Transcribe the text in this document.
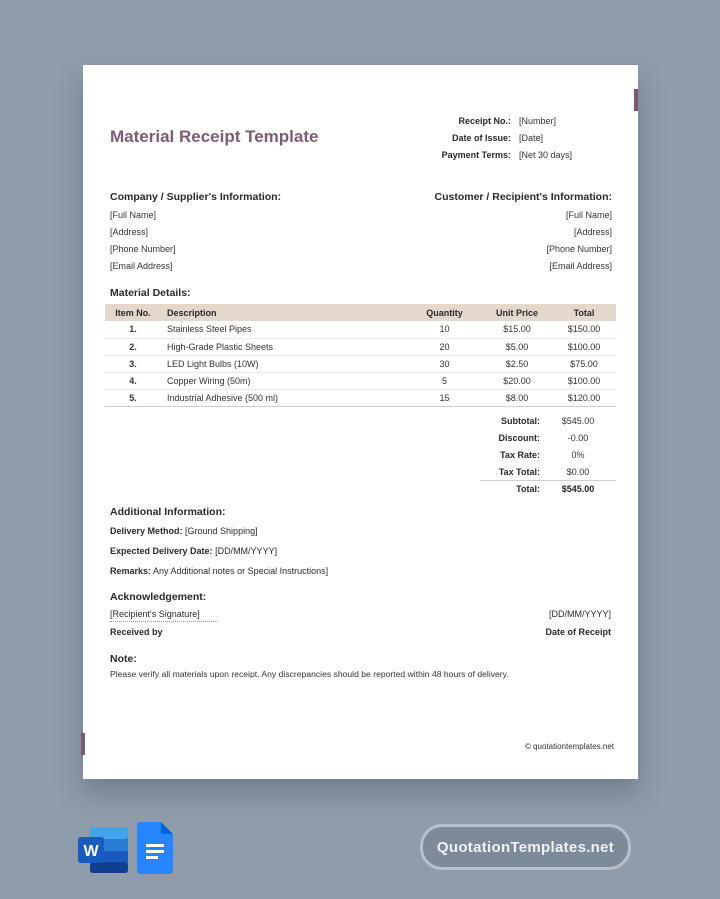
Material Receipt Template
Receipt No.: [Number]
Date of Issue: [Date]
Payment Terms: [Net 30 days]
Company / Supplier's Information:
[Full Name]
[Address]
[Phone Number]
[Email Address]
Customer / Recipient's Information:
[Full Name]
[Address]
[Phone Number]
[Email Address]
Material Details:
Item No.	Description	Quantity	Unit Price	Total
1.	Stainless Steel Pipes	10	$15.00	$150.00
2.	High-Grade Plastic Sheets	20	$5.00	$100.00
3.	LED Light Bulbs (10W)	30	$2.50	$75.00
4.	Copper Wiring (50m)	5	$20.00	$100.00
5.	Industrial Adhesive (500 ml)	15	$8.00	$120.00
Subtotal:	$545.00
Discount:	-0.00
Tax Rate:	0%
Tax Total:	$0.00
Total:	$545.00
Additional Information:
Delivery Method: [Ground Shipping]
Expected Delivery Date: [DD/MM/YYYY]
Remarks: Any Additional notes or Special Instructions]
Acknowledgement:
[Recipient's Signature]
Received by
[DD/MM/YYYY]
Date of Receipt
Note:
Please verify all materials upon receipt. Any discrepancies should be reported within 48 hours of delivery.
© quotationtemplates.net
W	QuotationTemplates.net
